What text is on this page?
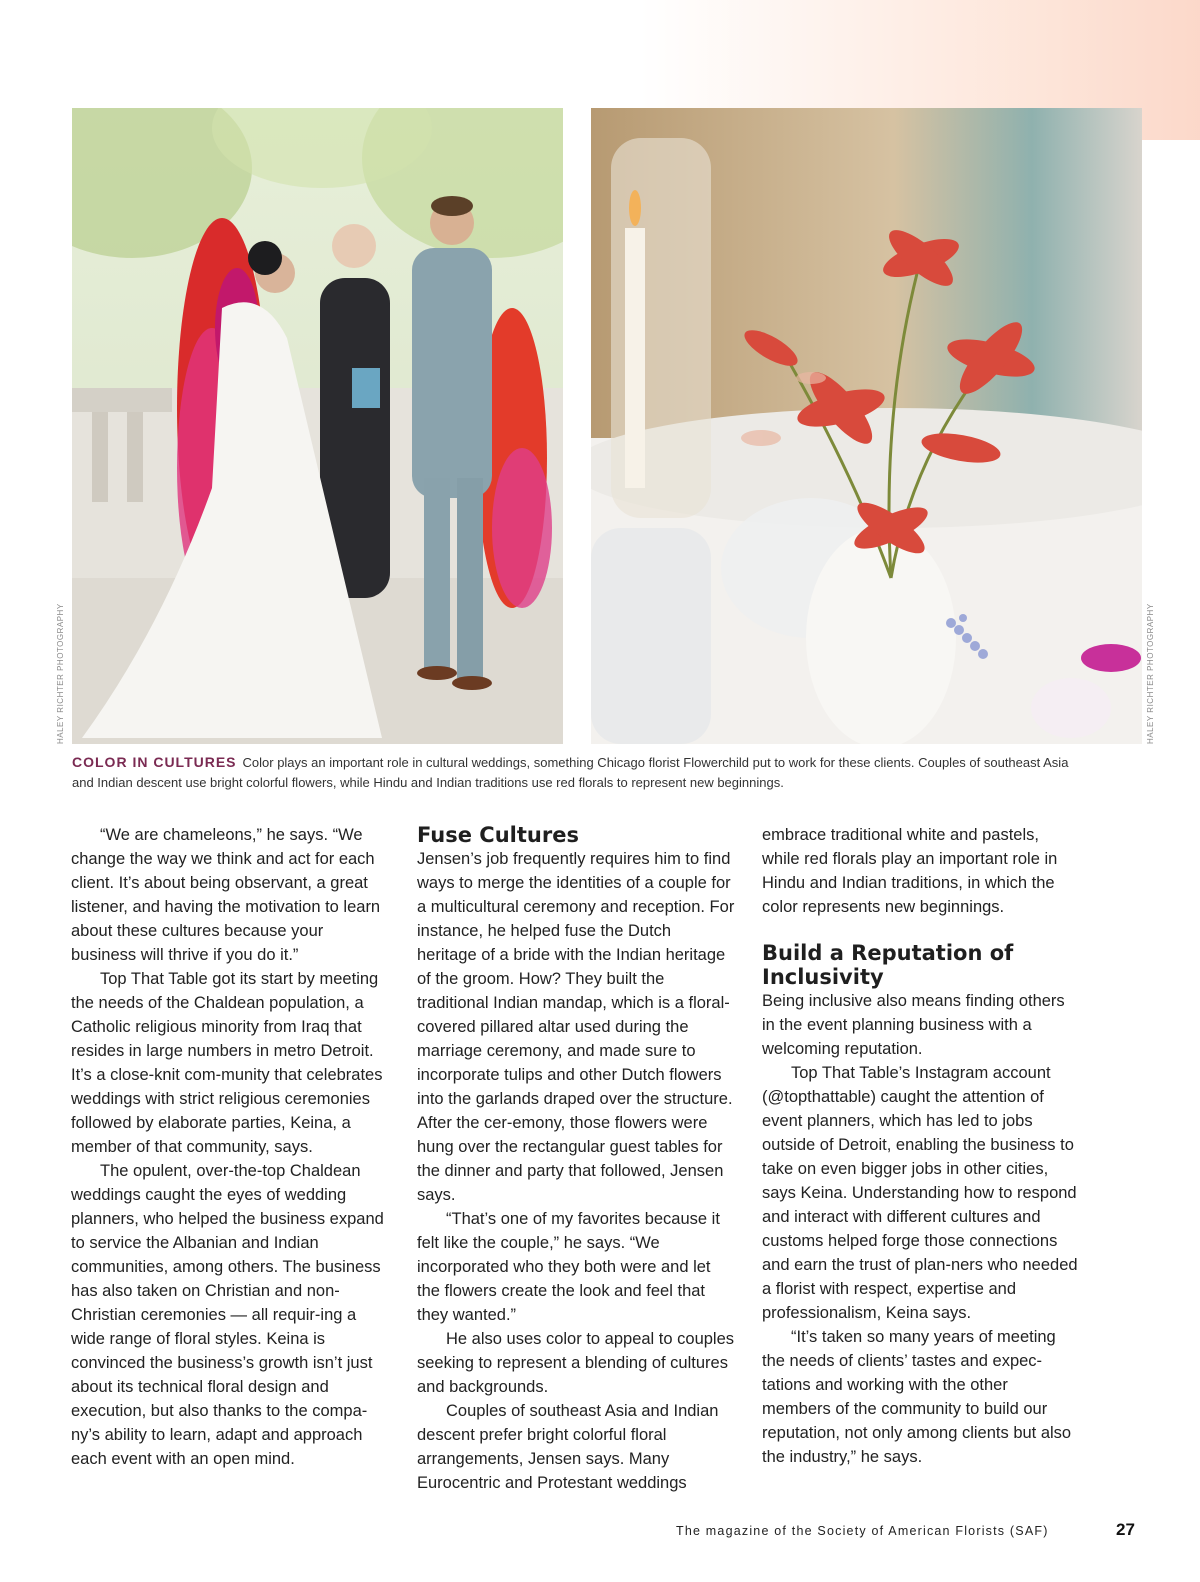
HALEY RICHTER PHOTOGRAPHY	HALEY RICHTER PHOTOGRAPHY
COLOR IN CULTURES Color plays an important role in cultural weddings, something Chicago florist Flowerchild put to work for these clients. Couples of southeast Asia and Indian descent use bright colorful flowers, while Hindu and Indian traditions use red florals to represent new beginnings.

“We are chameleons,” he says. “We change the way we think and act for each client. It’s about being observant, a great listener, and having the motivation to learn about these cultures because your business will thrive if you do it.”

Top That Table got its start by meeting the needs of the Chaldean population, a Catholic religious minority from Iraq that resides in large numbers in metro Detroit. It’s a close-knit com-munity that celebrates weddings with strict religious ceremonies followed by elaborate parties, Keina, a member of that community, says.

The opulent, over-the-top Chaldean weddings caught the eyes of wedding planners, who helped the business expand to service the Albanian and Indian communities, among others. The business has also taken on Christian and non-Christian ceremonies — all requir-ing a wide range of floral styles. Keina is convinced the business’s growth isn’t just about its technical floral design and execution, but also thanks to the compa-ny’s ability to learn, adapt and approach each event with an open mind.

Fuse Cultures

Jensen’s job frequently requires him to find ways to merge the identities of a couple for a multicultural ceremony and reception. For instance, he helped fuse the Dutch heritage of a bride with the Indian heritage of the groom. How? They built the traditional Indian mandap, which is a floral-covered pillared altar used during the marriage ceremony, and made sure to incorporate tulips and other Dutch flowers into the garlands draped over the structure. After the cer-emony, those flowers were hung over the rectangular guest tables for the dinner and party that followed, Jensen says.

“That’s one of my favorites because it felt like the couple,” he says. “We incorporated who they both were and let the flowers create the look and feel that they wanted.”

He also uses color to appeal to couples seeking to represent a blending of cultures and backgrounds.

Couples of southeast Asia and Indian descent prefer bright colorful floral arrangements, Jensen says. Many Eurocentric and Protestant weddings

embrace traditional white and pastels, while red florals play an important role in Hindu and Indian traditions, in which the color represents new beginnings.

Build a Reputation of Inclusivity

Being inclusive also means finding others in the event planning business with a welcoming reputation.

Top That Table’s Instagram account (@topthattable) caught the attention of event planners, which has led to jobs outside of Detroit, enabling the business to take on even bigger jobs in other cities, says Keina. Understanding how to respond and interact with different cultures and customs helped forge those connections and earn the trust of plan-ners who needed a florist with respect, expertise and professionalism, Keina says.

“It’s taken so many years of meeting the needs of clients’ tastes and expec-tations and working with the other members of the community to build our reputation, not only among clients but also the industry,” he says.

The magazine of the Society of American Florists (SAF)	27
